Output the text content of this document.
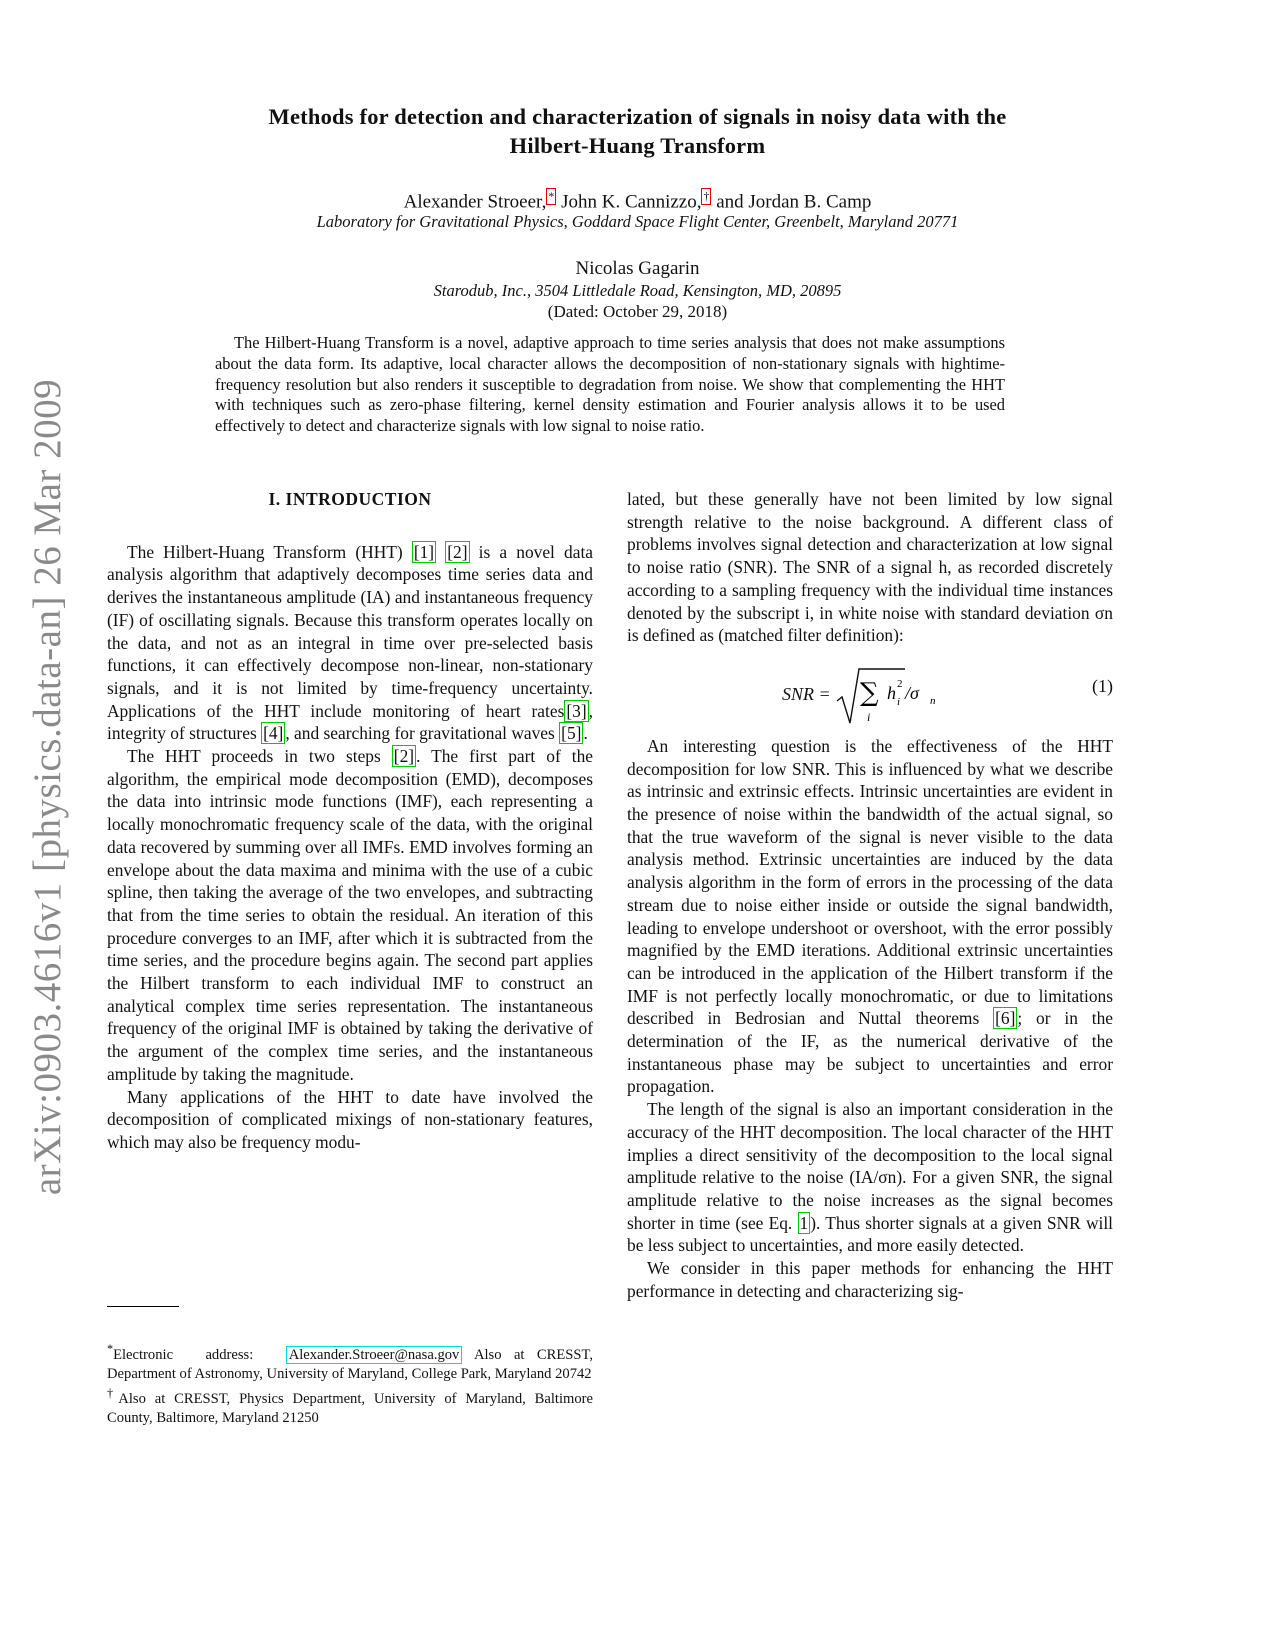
arXiv:0903.4616v1 [physics.data-an] 26 Mar 2009
Methods for detection and characterization of signals in noisy data with the
Hilbert-Huang Transform
Alexander Stroeer, * John K. Cannizzo, † and Jordan B. Camp
Laboratory for Gravitational Physics, Goddard Space Flight Center, Greenbelt, Maryland 20771
Nicolas Gagarin
Starodub, Inc., 3504 Littledale Road, Kensington, MD, 20895
(Dated: October 29, 2018)
The Hilbert-Huang Transform is a novel, adaptive approach to time series analysis that does not make assumptions about the data form. Its adaptive, local character allows the decomposition of non-stationary signals with hightime-frequency resolution but also renders it susceptible to degradation from noise. We show that complementing the HHT with techniques such as zero-phase filtering, kernel density estimation and Fourier analysis allows it to be used effectively to detect and characterize signals with low signal to noise ratio.
I. INTRODUCTION

The Hilbert-Huang Transform (HHT) [1] [2] is a novel data analysis algorithm that adaptively decomposes time series data and derives the instantaneous amplitude (IA) and instantaneous frequency (IF) of oscillating signals. Because this transform operates locally on the data, and not as an integral in time over pre-selected basis functions, it can effectively decompose non-linear, non-stationary signals, and it is not limited by time-frequency uncertainty. Applications of the HHT include monitoring of heart rates [3] , integrity of structures [4] , and searching for gravitational waves [5] .

The HHT proceeds in two steps [2] . The first part of the algorithm, the empirical mode decomposition (EMD), decomposes the data into intrinsic mode functions (IMF), each representing a locally monochromatic frequency scale of the data, with the original data recovered by summing over all IMFs. EMD involves forming an envelope about the data maxima and minima with the use of a cubic spline, then taking the average of the two envelopes, and subtracting that from the time series to obtain the residual. An iteration of this procedure converges to an IMF, after which it is subtracted from the time series, and the procedure begins again. The second part applies the Hilbert transform to each individual IMF to construct an analytical complex time series representation. The instantaneous frequency of the original IMF is obtained by taking the derivative of the argument of the complex time series, and the instantaneous amplitude by taking the magnitude.

Many applications of the HHT to date have involved the decomposition of complicated mixings of non-stationary features, which may also be frequency modu-

lated, but these generally have not been limited by low signal strength relative to the noise background. A different class of problems involves signal detection and characterization at low signal to noise ratio (SNR). The SNR of a signal h, as recorded discretely according to a sampling frequency with the individual time instances denoted by the subscript i, in white noise with standard deviation σn is defined as (matched filter definition):

SNR = ∑
i
h i
2 /σ n
(1)

An interesting question is the effectiveness of the HHT decomposition for low SNR. This is influenced by what we describe as intrinsic and extrinsic effects. Intrinsic uncertainties are evident in the presence of noise within the bandwidth of the actual signal, so that the true waveform of the signal is never visible to the data analysis method. Extrinsic uncertainties are induced by the data analysis algorithm in the form of errors in the processing of the data stream due to noise either inside or outside the signal bandwidth, leading to envelope undershoot or overshoot, with the error possibly magnified by the EMD iterations. Additional extrinsic uncertainties can be introduced in the application of the Hilbert transform if the IMF is not perfectly locally monochromatic, or due to limitations described in Bedrosian and Nuttal theorems [6] ; or in the determination of the IF, as the numerical derivative of the instantaneous phase may be subject to uncertainties and error propagation.

The length of the signal is also an important consideration in the accuracy of the HHT decomposition. The local character of the HHT implies a direct sensitivity of the decomposition to the local signal amplitude relative to the noise (IA/σn). For a given SNR, the signal amplitude relative to the noise increases as the signal becomes shorter in time (see Eq. 1 ). Thus shorter signals at a given SNR will be less subject to uncertainties, and more easily detected.

We consider in this paper methods for enhancing the HHT performance in detecting and characterizing sig-

*Electronic address: Alexander.Stroeer@nasa.gov Also at CRESST, Department of Astronomy, University of Maryland, College Park, Maryland 20742

†Also at CRESST, Physics Department, University of Maryland, Baltimore County, Baltimore, Maryland 21250
